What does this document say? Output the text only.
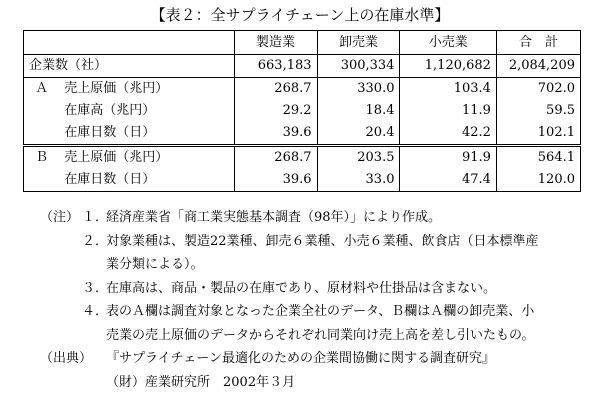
【表２：全サプライチェーン上の在庫水準】
		製造業	卸売業	小売業	合　計
企業数（社）		663,183	300,334	1,120,682	2,084,209
Ａ	売上原価（兆円）	268.7	330.0	103.4	702.0
	在庫高（兆円）	29.2	18.4	11.9	59.5
	在庫日数（日）	39.6	20.4	42.2	102.1

Ｂ	売上原価（兆円）	268.7	203.5	91.9	564.1
	在庫日数（日）	39.6	33.0	47.4	120.0
（注） １．
経済産業省「商工業実態基本調査（98年）」により作成。
２．
対象業種は、製造22業種、卸売６業種、小売６業種、飲食店（日本標準産
業分類による）。
３．
在庫高は、商品・製品の在庫であり、原材料や仕掛品は含まない。
４．
表のＡ欄は調査対象となった企業全社のデータ、Ｂ欄はＡ欄の卸売業、小
売業の売上原価のデータからそれぞれ同業向け売上高を差し引いたもの。
（出典）	『サプライチェーン最適化のための企業間協働に関する調査研究』
（財）産業研究所　2002年３月
